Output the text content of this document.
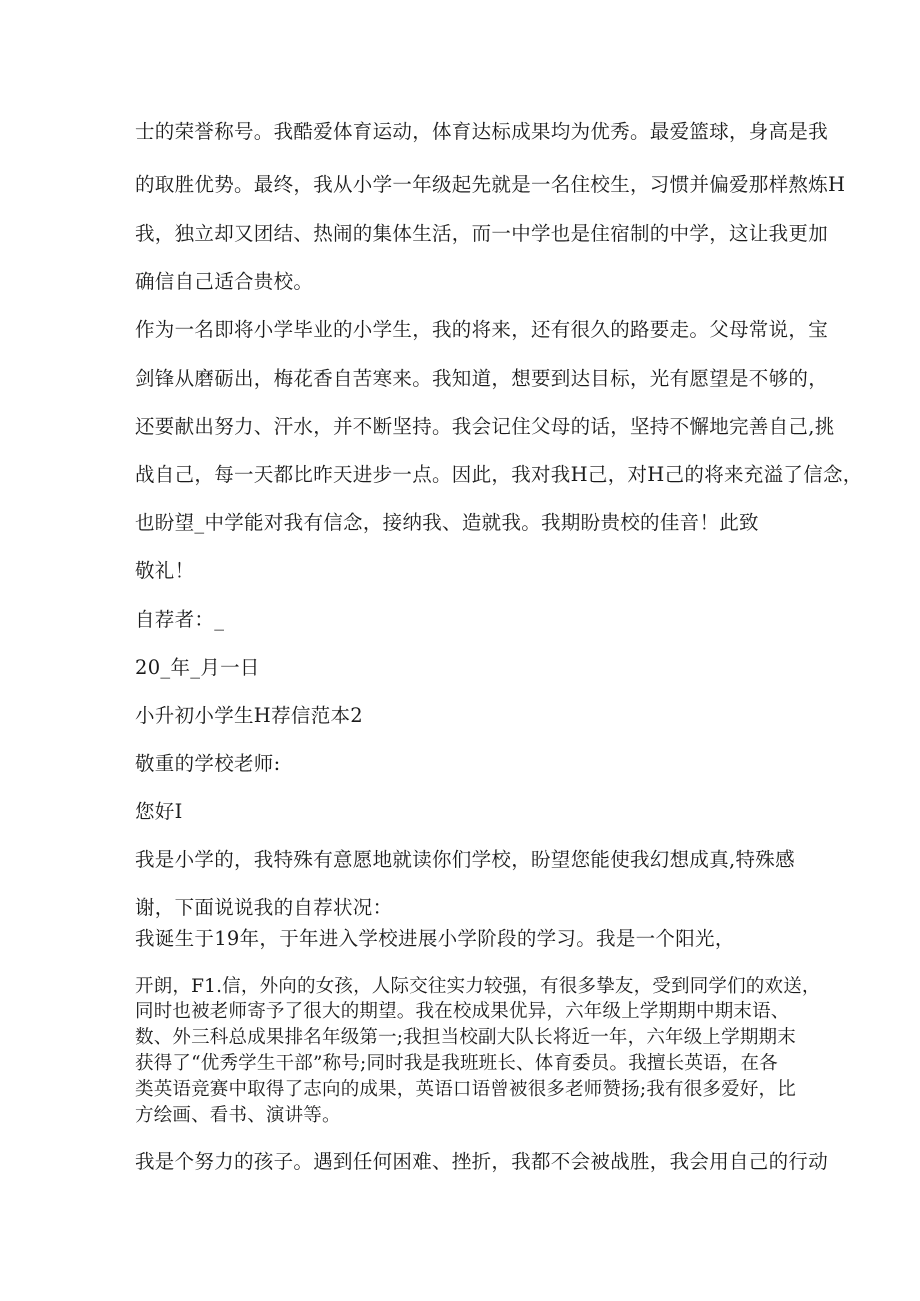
士的荣誉称号。我酷爱体育运动，体育达标成果均为优秀。最爱篮球，身高是我
的取胜优势。最终，我从小学一年级起先就是一名住校生，习惯并偏爱那样熬炼H
我，独立却又团结、热闹的集体生活，而一中学也是住宿制的中学，这让我更加
确信自己适合贵校。
作为一名即将小学毕业的小学生，我的将来，还有很久的路要走。父母常说，宝
剑锋从磨砺出，梅花香自苦寒来。我知道，想要到达目标，光有愿望是不够的，
还要献出努力、汗水，并不断坚持。我会记住父母的话，坚持不懈地完善自己,挑
战自己，每一天都比昨天进步一点。因此，我对我H己，对H己的将来充溢了信念，
也盼望_中学能对我有信念，接纳我、造就我。我期盼贵校的佳音！此致
敬礼！
自荐者：_
20_年_月一日
小升初小学生H荐信范本2
敬重的学校老师:
您好I
我是小学的，我特殊有意愿地就读你们学校，盼望您能使我幻想成真,特殊感
谢，下面说说我的自荐状况：
我诞生于19年，于年进入学校进展小学阶段的学习。我是一个阳光，
开朗，F1.信，外向的女孩，人际交往实力较强，有很多挚友，受到同学们的欢送，
同时也被老师寄予了很大的期望。我在校成果优异，六年级上学期期中期末语、
数、外三科总成果排名年级第一;我担当校副大队长将近一年，六年级上学期期末
获得了“优秀学生干部”称号;同时我是我班班长、体育委员。我擅长英语，在各
类英语竞赛中取得了志向的成果，英语口语曾被很多老师赞扬;我有很多爱好，比
方绘画、看书、演讲等。
我是个努力的孩子。遇到任何困难、挫折，我都不会被战胜，我会用自己的行动
